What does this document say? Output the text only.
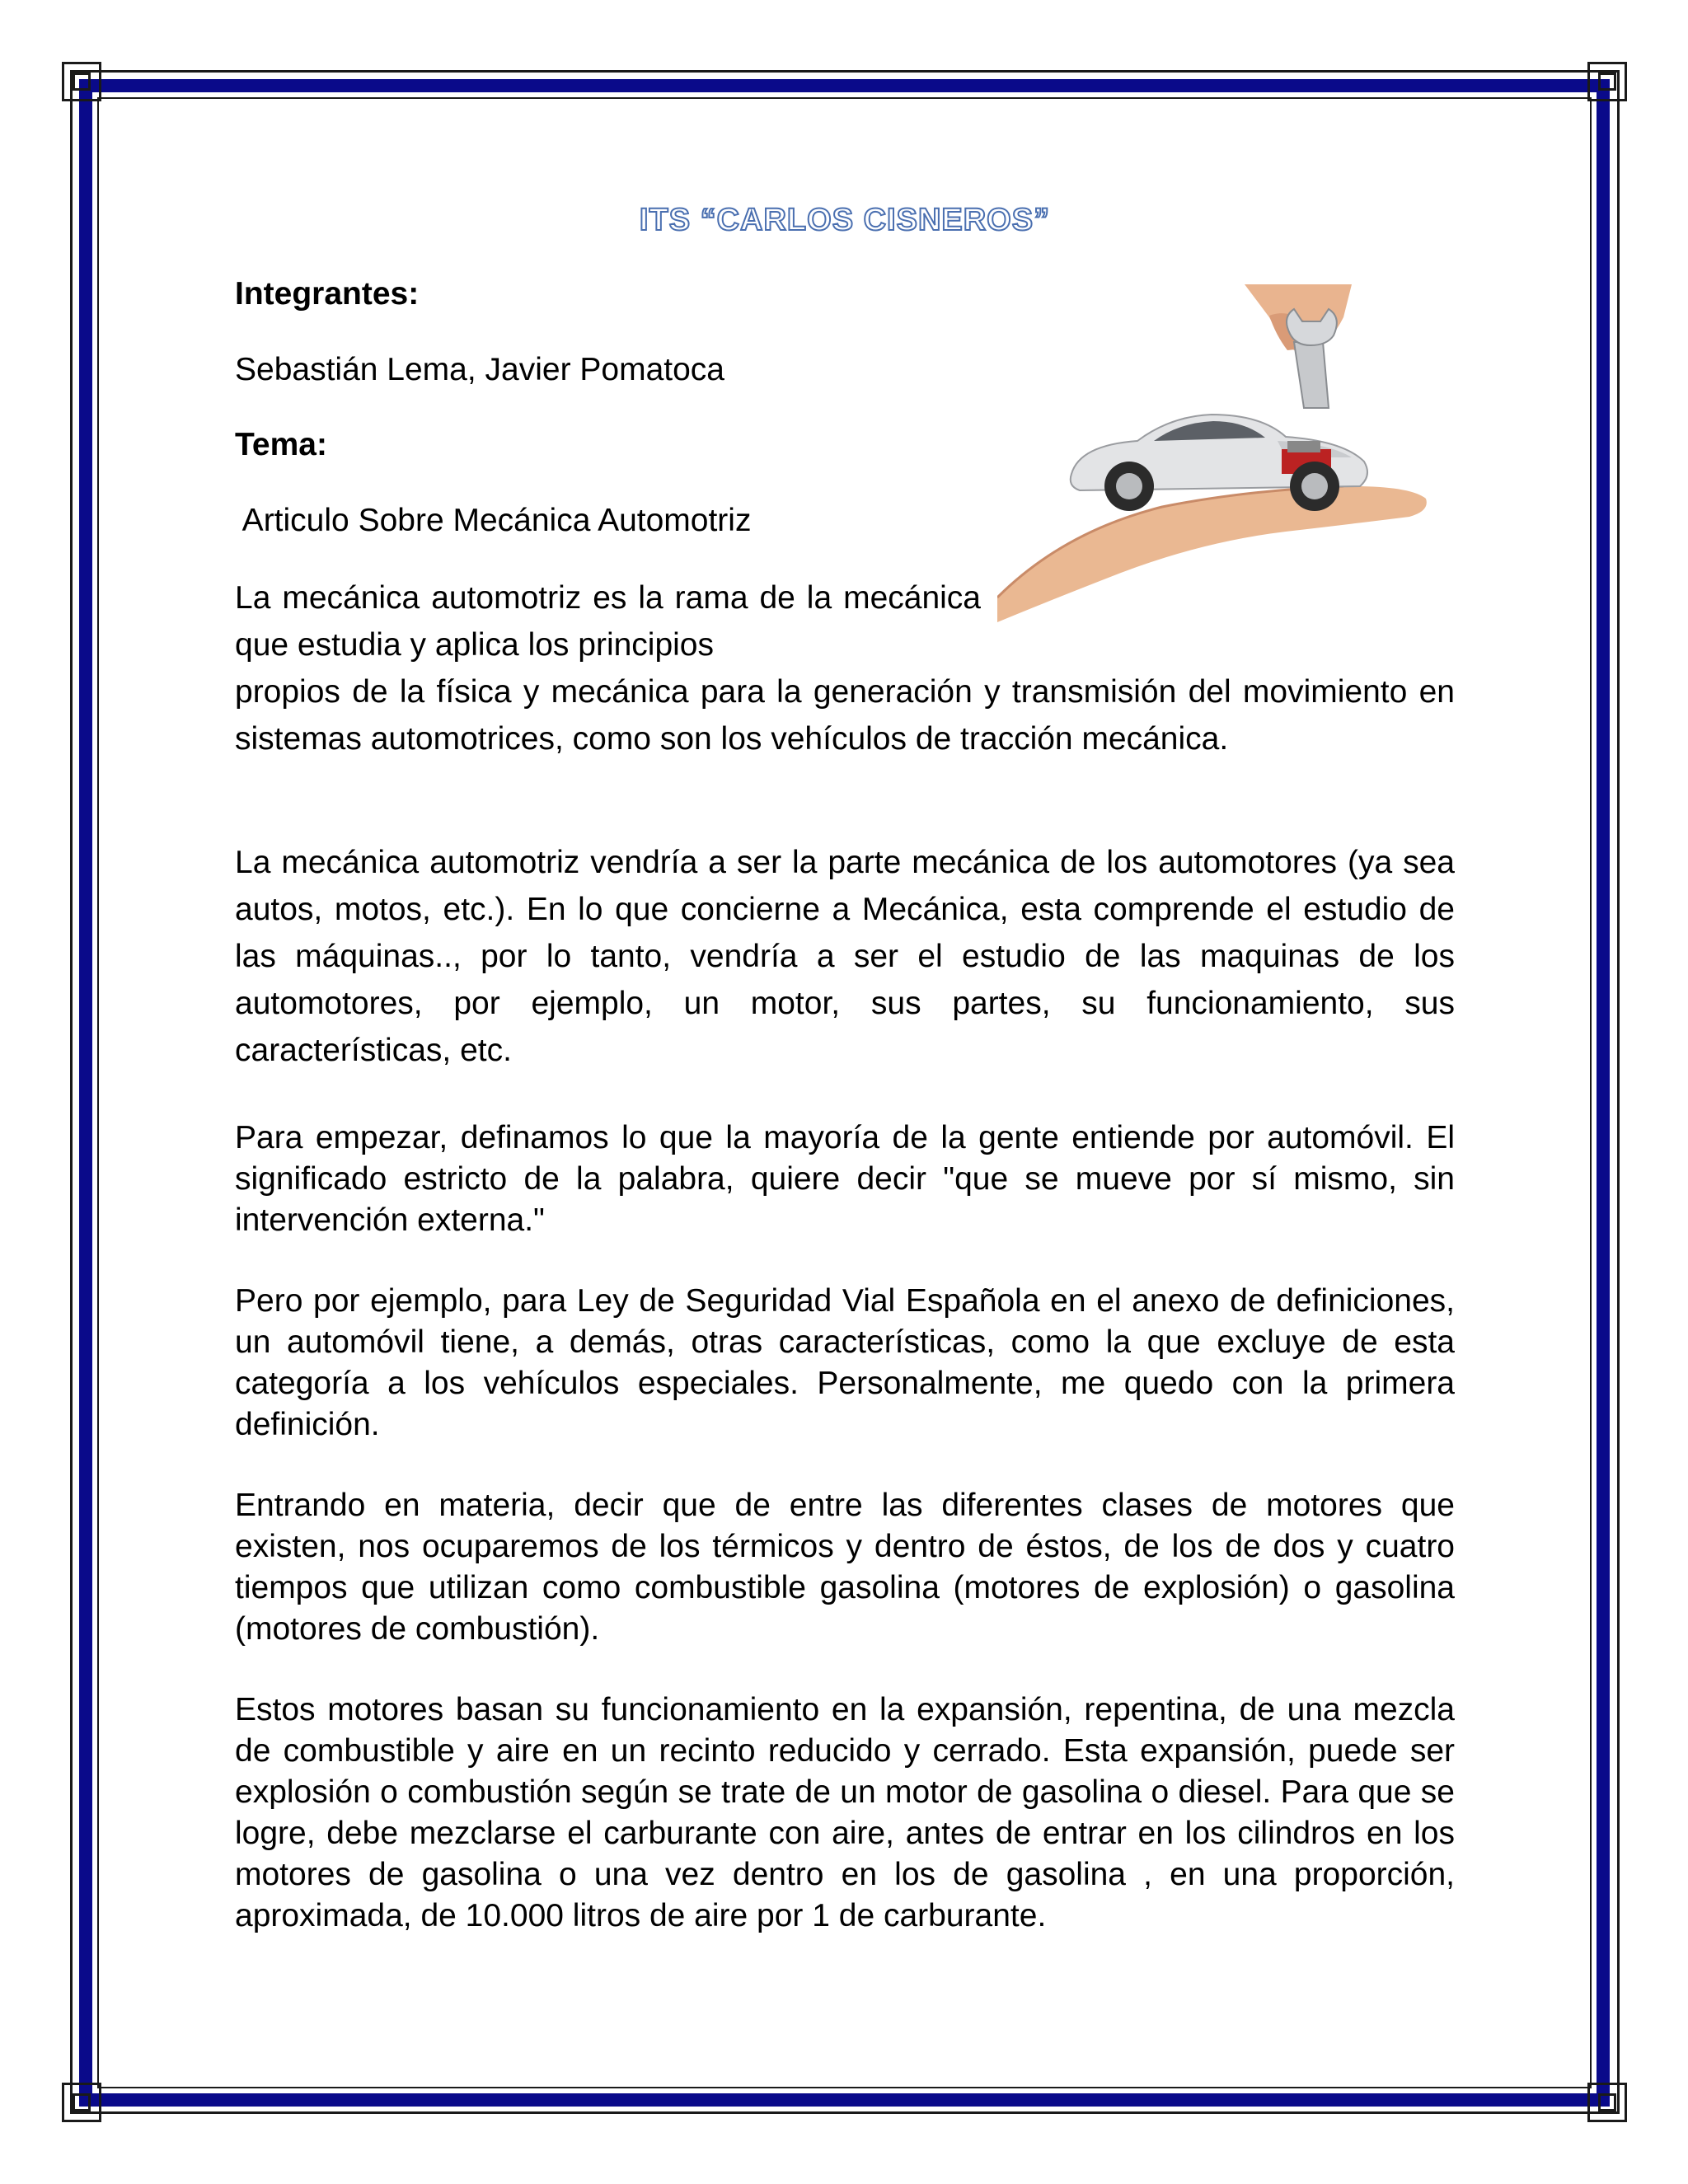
ITS “CARLOS CISNEROS”
Integrantes:
Sebastián Lema, Javier Pomatoca
Tema:
Articulo Sobre Mecánica Automotriz

La mecánica automotriz es la rama de la mecánica que estudia y aplica los principios

propios de la física y mecánica para la generación y transmisión del movimiento en sistemas automotrices, como son los vehículos de tracción mecánica.

La mecánica automotriz vendría a ser la parte mecánica de los automotores (ya sea autos, motos, etc.). En lo que concierne a Mecánica, esta comprende el estudio de las máquinas.., por lo tanto, vendría a ser el estudio de las maquinas de los automotores, por ejemplo, un motor, sus partes, su funcionamiento, sus características, etc.

Para empezar, definamos lo que la mayoría de la gente entiende por automóvil. El significado estricto de la palabra, quiere decir "que se mueve por sí mismo, sin intervención externa."

Pero por ejemplo, para Ley de Seguridad Vial Española en el anexo de definiciones, un automóvil tiene, a demás, otras características, como la que excluye de esta categoría a los vehículos especiales. Personalmente, me quedo con la primera definición.

Entrando en materia, decir que de entre las diferentes clases de motores que existen, nos ocuparemos de los térmicos y dentro de éstos, de los de dos y cuatro tiempos que utilizan como combustible gasolina (motores de explosión) o gasolina (motores de combustión).

Estos motores basan su funcionamiento en la expansión, repentina, de una mezcla de combustible y aire en un recinto reducido y cerrado. Esta expansión, puede ser explosión o combustión según se trate de un motor de gasolina o diesel. Para que se logre, debe mezclarse el carburante con aire, antes de entrar en los cilindros en los motores de gasolina o una vez dentro en los de gasolina , en una proporción, aproximada, de 10.000 litros de aire por 1 de carburante.
